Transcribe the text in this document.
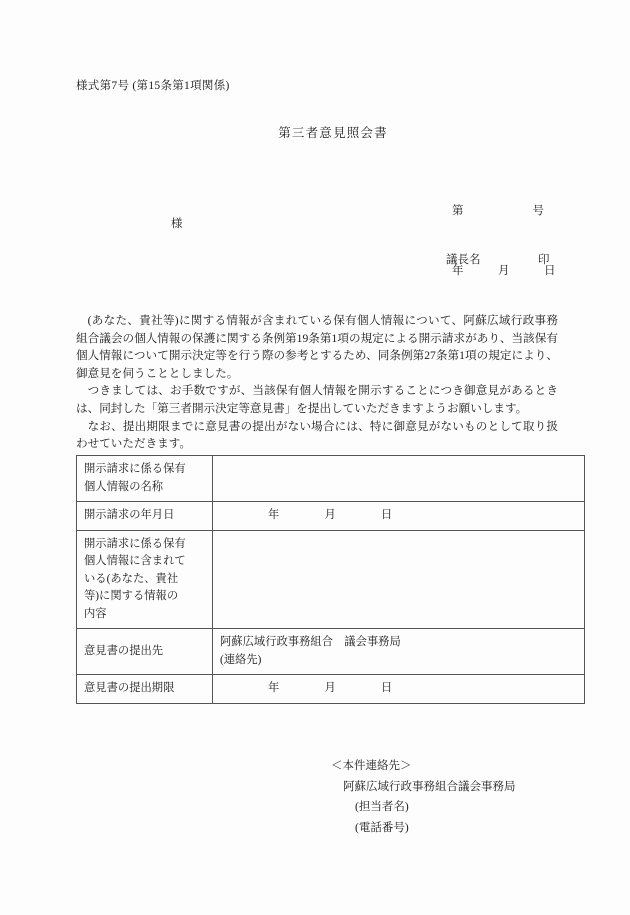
様式第7号 (第15条第1項関係)
第三者意見照会書

第　　　　　　号

年　　　月　　　日

様
議長名　　　　　印

(あなた、貴社等)に関する情報が含まれている保有個人情報について、阿蘇広域行政事務組合議会の個人情報の保護に関する条例第19条第1項の規定による開示請求があり、当該保有個人情報について開示決定等を行う際の参考とするため、同条例第27条第1項の規定により、御意見を伺うこととしました。

つきましては、お手数ですが、当該保有個人情報を開示することにつき御意見があるときは、同封した「第三者開示決定等意見書」を提出していただきますようお願いします。

なお、提出期限までに意見書の提出がない場合には、特に御意見がないものとして取り扱わせていただきます。

開示請求に係る保有
個人情報の名称	

開示請求の年月日	年　　　　月　　　　日

開示請求に係る保有
個人情報に含まれて
いる(あなた、貴社
等)に関する情報の
内容	

意見書の提出先	阿蘇広域行政事務組合　議会事務局
(連絡先)

意見書の提出期限	年　　　　月　　　　日
＜本件連絡先＞
阿蘇広域行政事務組合議会事務局
(担当者名)
(電話番号)
